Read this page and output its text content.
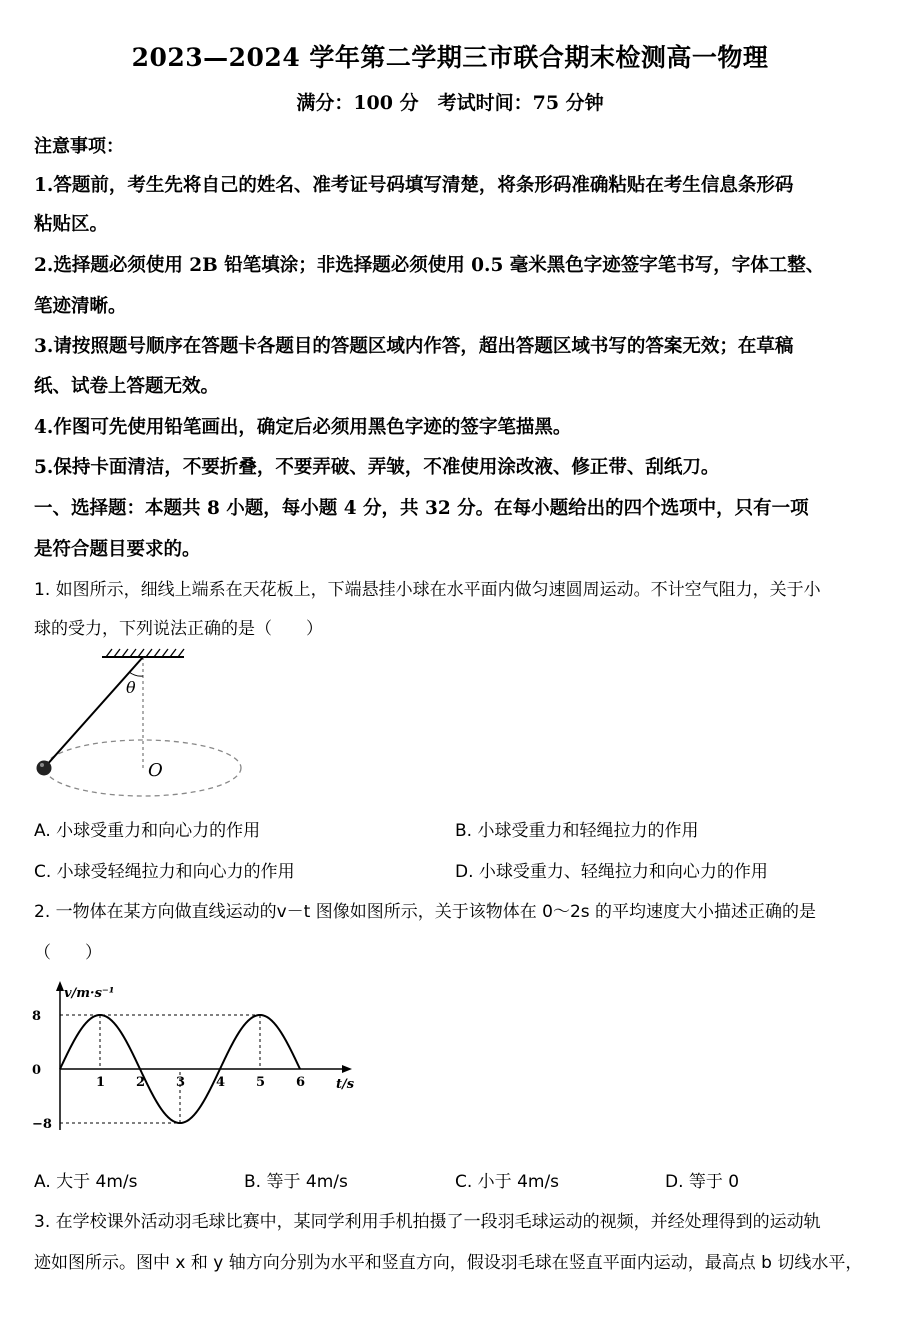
2023—2024 学年第二学期三市联合期末检测高一物理
满分：100 分　考试时间：75 分钟
注意事项：
1.答题前，考生先将自己的姓名、准考证号码填写清楚，将条形码准确粘贴在考生信息条形码
粘贴区。
2.选择题必须使用 2B 铅笔填涂；非选择题必须使用 0.5 毫米黑色字迹签字笔书写，字体工整、
笔迹清晰。
3.请按照题号顺序在答题卡各题目的答题区域内作答，超出答题区域书写的答案无效；在草稿
纸、试卷上答题无效。
4.作图可先使用铅笔画出，确定后必须用黑色字迹的签字笔描黑。
5.保持卡面清洁，不要折叠，不要弄破、弄皱，不准使用涂改液、修正带、刮纸刀。
一、选择题：本题共 8 小题，每小题 4 分，共 32 分。在每小题给出的四个选项中，只有一项
是符合题目要求的。
1. 如图所示，细线上端系在天花板上，下端悬挂小球在水平面内做匀速圆周运动。不计空气阻力，关于小
球的受力，下列说法正确的是（　　）
θ
O
A. 小球受重力和向心力的作用	B. 小球受重力和轻绳拉力的作用
C. 小球受轻绳拉力和向心力的作用	D. 小球受重力、轻绳拉力和向心力的作用
2. 一物体在某方向做直线运动的v－t 图像如图所示，关于该物体在 0～2s 的平均速度大小描述正确的是
（　　）
v/m·s⁻¹
t/s
1 2 3 4 5 6
8
0
−8
A. 大于 4m/s	B. 等于 4m/s	C. 小于 4m/s	D. 等于 0
3. 在学校课外活动羽毛球比赛中，某同学利用手机拍摄了一段羽毛球运动的视频，并经处理得到的运动轨
迹如图所示。图中 x 和 y 轴方向分别为水平和竖直方向，假设羽毛球在竖直平面内运动，最高点 b 切线水平，
